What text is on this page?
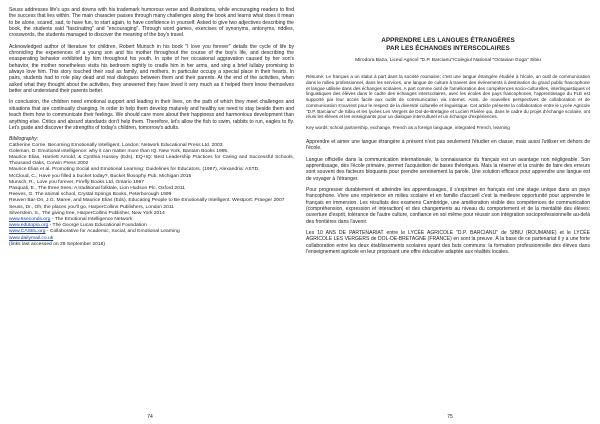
Seuss addresses life's ups and downs with his trademark humorous verse and illustrations, while encouraging readers to find the success that lies within. The main character passes through many challenges along the book and learns what does it mean to be alone, scared, sad, to have fun, to start again, to have confidence in yourself. Asked to give two adjectives describing the book, the students said "fascinating" and "encouraging". Through word games, exercises of synonyms, antonyms, riddles, crosswords, the students managed to discover the meaning of the boy's travel.

Acknowledged author of literature for children, Robert Munsch in his book "I love you forever" details the cycle of life by chronicling the experiences of a young son and his mother throughout the course of the boy's life, and describing the exasperating behavior exhibited by him throughout his youth. In spite of her occasional aggravation caused by her son's behavior, the mother nonetheless visits his bedroom nightly to cradle him in her arms, and sing a brief lullaby promising to always love him. This story touched their soul as family, and mothers, in particular occupy a special place in their hearts. In pairs, students had to role play dead and real dialogues between them and their parents. At the end of the activities, when asked what they thought about the activities, they answered they have loved it very much as it helped them know themselves better and understand their parents better.

In conclusion, the children need emotional support and leading in their lives, on the path of which they meet challenges and situations that are continually changing. In order to help them develop maturely and healthy we need to stay beside them and teach them how to communicate their feelings. We should care more about their happiness and harmonious development than anything else. Critics and absurd standards don't help them. Therefore, let's allow the fish to swim, rabbits to run, eagles to fly. Let's guide and discover the strengths of today's children, tomorrow's adults.

Bibliography:

Catherine Corrie. Becoming Emotionally Intelligent. London: Network Educational Press Ltd, 2003.

Goleman, D. Emotional intelligence: why it can matter more than IQ. New York, Bantam Books 1995.

Maurice Elias, Harriett Arnold, & Cynthia Hussey (Eds), EQ+IQ: Best Leadership Practices for Caring and Successful Schools, Thousand Oaks, Corwin Press 2002

Maurice Elias et al. Promoting Social and Emotional Learning: Guidelines for Educators. (1997), Alexandria: ASTD.

McCloud, C., Have you filled a bucket today?, Bucket filosophy Pub, Michigan 2015

Munsch, R., Love you forever, Firefly Books Ltd, Ontario 1997

Pasquali, E., The three trees: A traditional folktale, Lion Hudson Plc, Oxford 2011

Reeves, G. The animal school, Crystal Springs Books, Peterborough 1999

Reuven Bar-On, J.G. Maree, and Maurice Elias (Eds), Educating People to Be Emotionally Intelligent. Westport: Praeger 2007

Seuss, Dr., Oh, the places you'll go, HarperCollins Publishers, London 2011

Silverstein, S., The giving tree, HarperCollins Publisher, New York 2014

www.6seconds.org - The Emotional Intelligence Network

www.edutopia.org - The George Lucas Educational Foundation

www.CASEL.org - Collaborative for Academic, Social, and Emotional Learning

www.dailymail.co.uk

(links last accessed on 29 September 2018)

74
APPRENDRE LES LANGUES ÉTRANGÈRES
PAR LES ÉCHANGES INTERSCOLAIRES
Mirodora Baza, Liceul Agricol "D.P. Barcianu"/Colegiul National "Octavian Goga" Sibiu

Résumé: Le français a un statut à part dans la société roumaine; c'est une langue étrangère étudiée à l'école, un outil de communication dans le milieu professionnel, dans les services, une langue de culture à travers des événements à destination du grand public francophone et langue utilisée dans des échanges scolaires. A part comme outil de l'amélioration des compétences socio-culturelles, interlinguistiques et linguistiques des élèves dans le cadre des échanges interscolaires, avec les écoles des pays francophones, l'apprentissage du FLE est supporté par leur accès facile aux outils de communication via internet. Ainsi, de nouvelles perspectives de collaboration et de communication s'ouvrent pour le respect de la diversité culturelle et linguistique. Cet article présente la collaboration entre le Lycée Agricole "D.P. Barcianu" de Sibiu et les lycées Les Vergers de Dol-de-Bretagne et Lucien Rivière qui, dans le cadre du projet d'échange scolaire, ont réuni les élèves et les enseignants pour un dialogue interculturel et un échange d'expériences.

Key words: school partnership, exchange, French as a foreign language, integrated French, learning

Apprendre et aimer une langue étrangère à présent n'est pas seulement l'étudier en classe, mais aussi l'utiliser en dehors de l'école.

Langue officielle dans la communication internationale, la connaissance du français est un avantage non négligeable. Son apprentissage, dès l'école primaire, permet l'acquisition de bases théoriques. Mais la réserve et la crainte de faire des erreurs sont souvent des facteurs bloquants pour prendre sereinement la parole. Une solution efficace pour apprendre une langue est de voyager à l'étranger.

Pour progresser durablement et atteindre les apprentissages, il s'exprimer en français est une stage unique dans un pays francophone. Vivre une expérience en milieu scolaire et en famille d'accueil c'est la meilleure opportunité pour apprendre le français en immersion. Les résultats des examens Cambridge, une amélioration visible des compétences de communication (compréhension, expression et interaction) et des changements au niveau du comportement et de la mentalité des élèves: ouverture d'esprit, tolérance de l'autre culture, confiance en soi même pour réussir son intégration socioprofessionnelle au-delà des frontières dans l'avenir.

Les 10 ANS DE PARTENARIAT entre le LYCÉE AGRICOLE "D.P. BARCIANU" de SIBIU (ROUMANIE) et le LYCÉE AGRICOLE LES VERGERS de DOL-DE-BRETAGNE (FRANCE) en sont la preuve. À la base de ce partenariat il y a une forte collaboration entre les deux établissements scolaires ayant des buts communs: la formation professionnelle des élèves dans l'enseignement agricole en leur proposant une offre éducative adaptée aux réalités locales.

75
